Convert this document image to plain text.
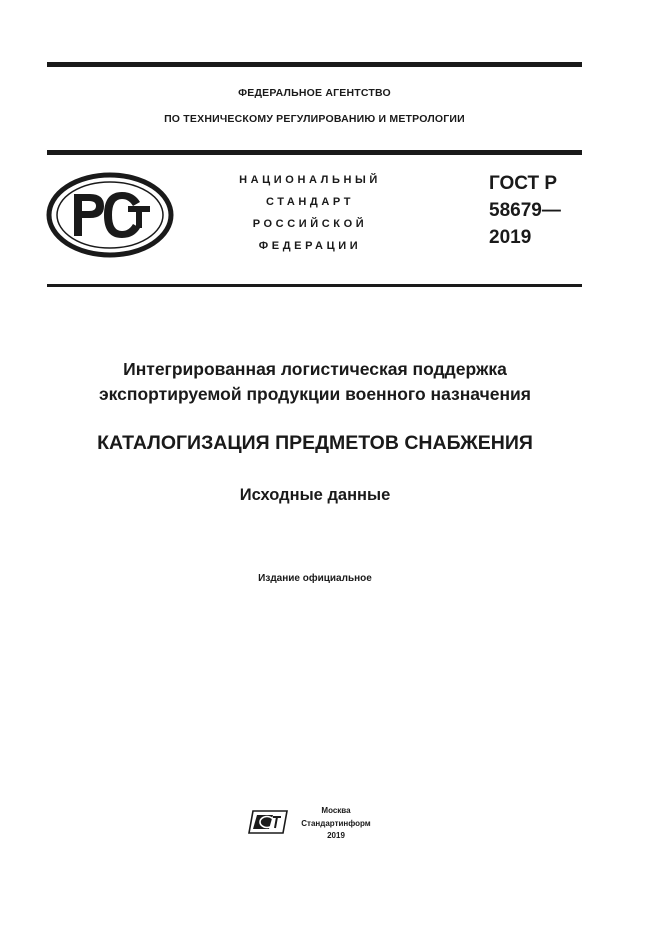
ФЕДЕРАЛЬНОЕ АГЕНТСТВО
ПО ТЕХНИЧЕСКОМУ РЕГУЛИРОВАНИЮ И МЕТРОЛОГИИ
НАЦИОНАЛЬНЫЙ
СТАНДАРТ
РОССИЙСКОЙ
ФЕДЕРАЦИИ
ГОСТ Р
58679—
2019
Интегрированная логистическая поддержка
экспортируемой продукции военного назначения
КАТАЛОГИЗАЦИЯ ПРЕДМЕТОВ СНАБЖЕНИЯ
Исходные данные
Издание официальное
Москва
Стандартинформ
2019
